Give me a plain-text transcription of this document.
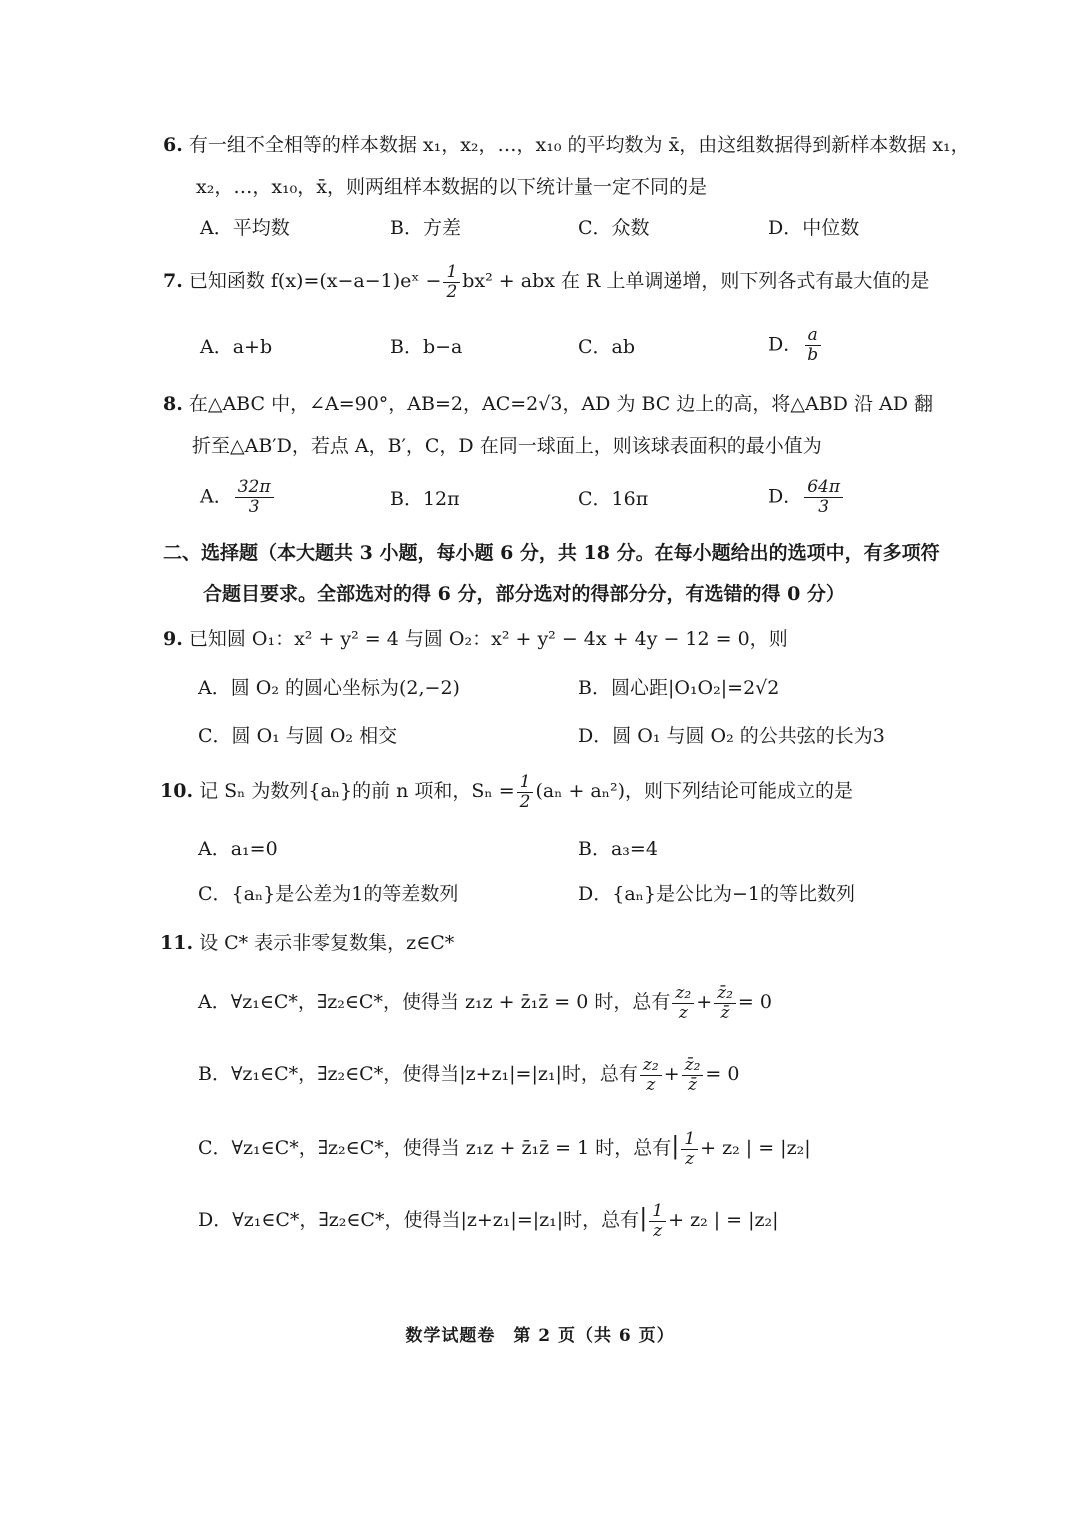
6. 有一组不全相等的样本数据 x₁，x₂，…，x₁₀ 的平均数为 x̄，由这组数据得到新样本数据 x₁，
x₂，…，x₁₀，x̄，则两组样本数据的以下统计量一定不同的是
A．平均数	B．方差	C．众数	D．中位数
7. 已知函数 f(x)=(x−a−1)eˣ − $\frac{1}{2} bx^2$ + abx 在 R 上单调递增，则下列各式有最大值的是
A．a+b	B．b−a	C．ab	D． $\frac{a}{b}$
8. 在△ABC 中，∠A=90°，AB=2，AC=2√3，AD 为 BC 边上的高，将△ABD 沿 AD 翻
折至△AB′D，若点 A，B′，C，D 在同一球面上，则该球表面积的最小值为
A． $\frac{32\pi}{3}$	B．12π	C．16π	D． $\frac{64\pi}{3}$
二、选择题（本大题共 3 小题，每小题 6 分，共 18 分。在每小题给出的选项中，有多项符
合题目要求。全部选对的得 6 分，部分选对的得部分分，有选错的得 0 分）
9. 已知圆 O₁：x² + y² = 4 与圆 O₂：x² + y² − 4x + 4y − 12 = 0，则
A．圆 O₂ 的圆心坐标为(2,−2)	B．圆心距|O₁O₂|=2√2
C．圆 O₁ 与圆 O₂ 相交	D．圆 O₁ 与圆 O₂ 的公共弦的长为3
10. 记 Sₙ 为数列{aₙ}的前 n 项和，$S_n = \frac{1}{2} (a_n + a_n^2)$，则下列结论可能成立的是
A．a₁=0	B．a₃=4
C．{aₙ}是公差为1的等差数列	D．{aₙ}是公比为−1的等比数列
11. 设 C* 表示非零复数集，z∈C*
A．∀z₁∈C*，∃z₂∈C*，使得当 z₁z + z̄₁z̄ = 0 时，总有 $\frac{\text{z₂}}{z} + \frac{\text{z̄₂}}{z̄} = 0$
B．∀z₁∈C*，∃z₂∈C*，使得当|z+z₁|=|z₁|时，总有 $\frac{\text{z₂}}{z} + \frac{\text{z̄₂}}{z̄} = 0$
C．∀z₁∈C*，∃z₂∈C*，使得当 z₁z + z̄₁z̄ = 1 时，总有| $\frac{1}{z} + z_2$ | = |z₂|
D．∀z₁∈C*，∃z₂∈C*，使得当|z+z₁|=|z₁|时，总有| $\frac{1}{z} + z_2$ | = |z₂|
数学试题卷　第 2 页（共 6 页）
